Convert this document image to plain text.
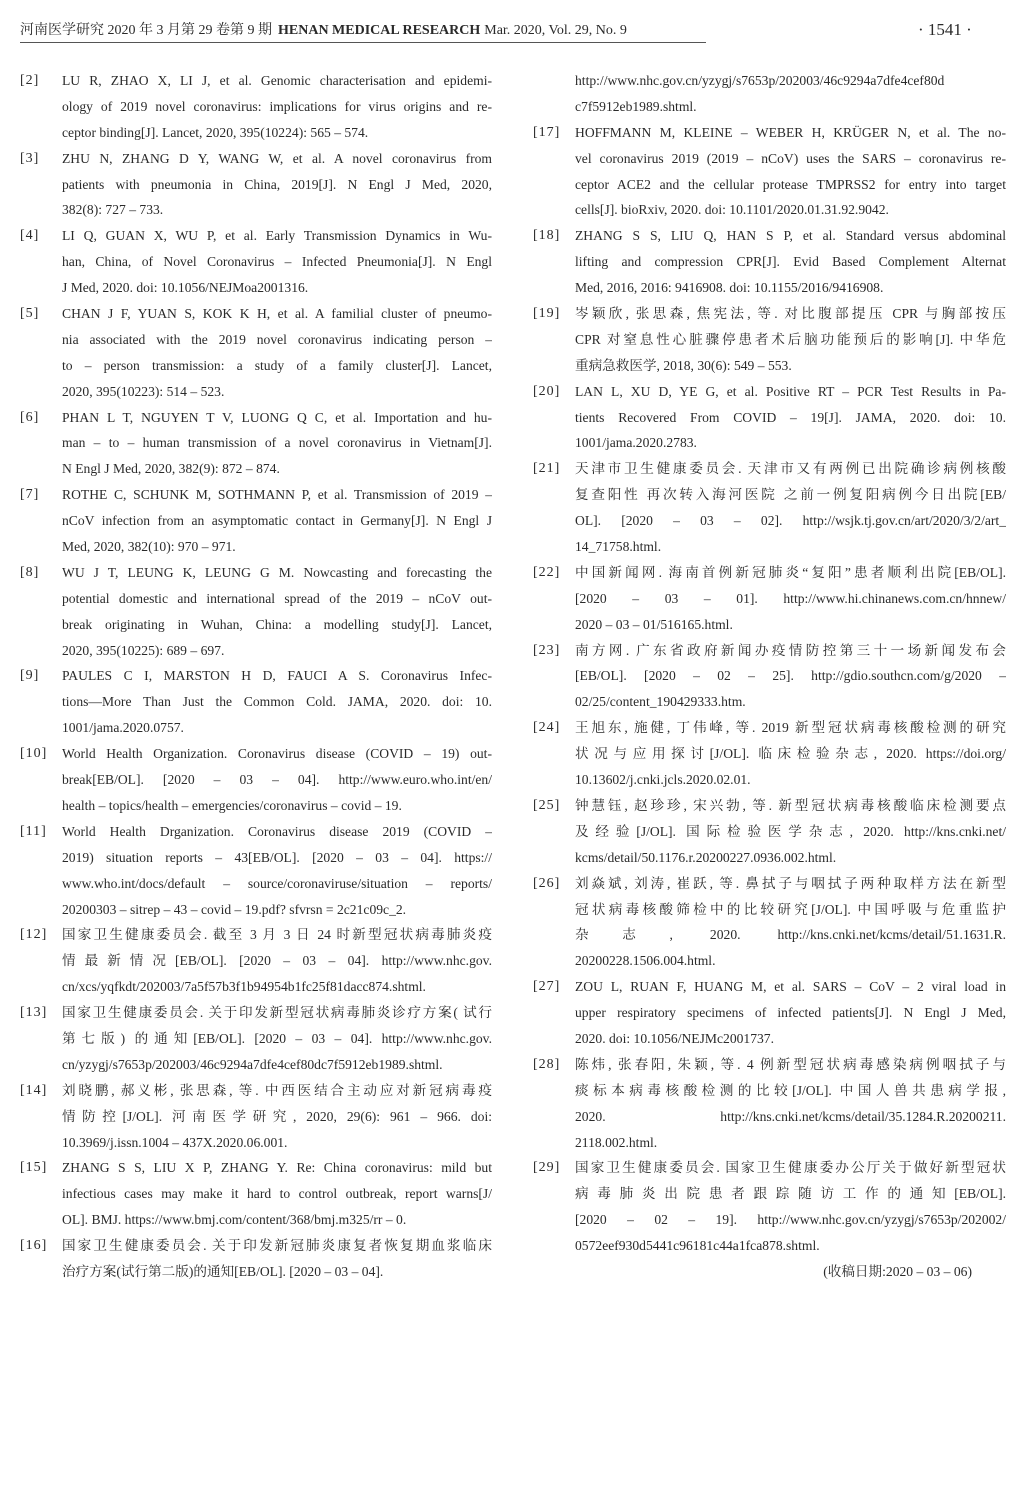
河南医学研究 2020 年 3 月第 29 卷第 9 期 HENAN MEDICAL RESEARCH Mar. 2020, Vol. 29, No. 9	· 1541 ·
[2] LU R, ZHAO X, LI J, et al. Genomic characterisation and epidemi-
ology of 2019 novel coronavirus: implications for virus origins and re-
ceptor binding[J]. Lancet, 2020, 395(10224): 565 – 574.
[3] ZHU N, ZHANG D Y, WANG W, et al. A novel coronavirus from
patients with pneumonia in China, 2019[J]. N Engl J Med, 2020,
382(8): 727 – 733.
[4] LI Q, GUAN X, WU P, et al. Early Transmission Dynamics in Wu-
han, China, of Novel Coronavirus – Infected Pneumonia[J]. N Engl
J Med, 2020. doi: 10.1056/NEJMoa2001316.
[5] CHAN J F, YUAN S, KOK K H, et al. A familial cluster of pneumo-
nia associated with the 2019 novel coronavirus indicating person –
to – person transmission: a study of a family cluster[J]. Lancet,
2020, 395(10223): 514 – 523.
[6] PHAN L T, NGUYEN T V, LUONG Q C, et al. Importation and hu-
man – to – human transmission of a novel coronavirus in Vietnam[J].
N Engl J Med, 2020, 382(9): 872 – 874.
[7] ROTHE C, SCHUNK M, SOTHMANN P, et al. Transmission of 2019 –
nCoV infection from an asymptomatic contact in Germany[J]. N Engl J
Med, 2020, 382(10): 970 – 971.
[8] WU J T, LEUNG K, LEUNG G M. Nowcasting and forecasting the
potential domestic and international spread of the 2019 – nCoV out-
break originating in Wuhan, China: a modelling study[J]. Lancet,
2020, 395(10225): 689 – 697.
[9] PAULES C I, MARSTON H D, FAUCI A S. Coronavirus Infec-
tions—More Than Just the Common Cold. JAMA, 2020. doi: 10.
1001/jama.2020.0757.
[10] World Health Organization. Coronavirus disease (COVID – 19) out-
break[EB/OL]. [2020 – 03 – 04]. http://www.euro.who.int/en/
health – topics/health – emergencies/coronavirus – covid – 19.
[11] World Health Drganization. Coronavirus disease 2019 (COVID –
2019) situation reports – 43[EB/OL]. [2020 – 03 – 04]. https://
www.who.int/docs/default – source/coronaviruse/situation – reports/
20200303 – sitrep – 43 – covid – 19.pdf? sfvrsn = 2c21c09c_2.
[12] 国家卫生健康委员会. 截至 3 月 3 日 24 时新型冠状病毒肺炎疫
情最新情况[EB/OL]. [2020 – 03 – 04]. http://www.nhc.gov.
cn/xcs/yqfkdt/202003/7a5f57b3f1b94954b1fc25f81dacc874.shtml.
[13] 国家卫生健康委员会. 关于印发新型冠状病毒肺炎诊疗方案( 试行
第七版) 的通知[EB/OL]. [2020 – 03 – 04]. http://www.nhc.gov.
cn/yzygj/s7653p/202003/46c9294a7dfe4cef80dc7f5912eb1989.shtml.
[14] 刘晓鹏, 郝义彬, 张思森, 等. 中西医结合主动应对新冠病毒疫
情防控[J/OL]. 河南医学研究, 2020, 29(6): 961 – 966. doi:
10.3969/j.issn.1004 – 437X.2020.06.001.
[15] ZHANG S S, LIU X P, ZHANG Y. Re: China coronavirus: mild but
infectious cases may make it hard to control outbreak, report warns[J/
OL]. BMJ. https://www.bmj.com/content/368/bmj.m325/rr – 0.
[16] 国家卫生健康委员会. 关于印发新冠肺炎康复者恢复期血浆临床
治疗方案(试行第二版)的通知[EB/OL]. [2020 – 03 – 04].
http://www.nhc.gov.cn/yzygj/s7653p/202003/46c9294a7dfe4cef80d
c7f5912eb1989.shtml.
[17] HOFFMANN M, KLEINE – WEBER H, KRÜGER N, et al. The no-
vel coronavirus 2019 (2019 – nCoV) uses the SARS – coronavirus re-
ceptor ACE2 and the cellular protease TMPRSS2 for entry into target
cells[J]. bioRxiv, 2020. doi: 10.1101/2020.01.31.92.9042.
[18] ZHANG S S, LIU Q, HAN S P, et al. Standard versus abdominal
lifting and compression CPR[J]. Evid Based Complement Alternat
Med, 2016, 2016: 9416908. doi: 10.1155/2016/9416908.
[19] 岑颖欣, 张思森, 焦宪法, 等. 对比腹部提压 CPR 与胸部按压
CPR 对窒息性心脏骤停患者术后脑功能预后的影响[J]. 中华危
重病急救医学, 2018, 30(6): 549 – 553.
[20] LAN L, XU D, YE G, et al. Positive RT – PCR Test Results in Pa-
tients Recovered From COVID – 19[J]. JAMA, 2020. doi: 10.
1001/jama.2020.2783.
[21] 天津市卫生健康委员会. 天津市又有两例已出院确诊病例核酸
复查阳性 再次转入海河医院 之前一例复阳病例今日出院[EB/
OL]. [2020 – 03 – 02]. http://wsjk.tj.gov.cn/art/2020/3/2/art_
14_71758.html.
[22] 中国新闻网. 海南首例新冠肺炎“复阳”患者顺利出院[EB/OL].
[2020 – 03 – 01]. http://www.hi.chinanews.com.cn/hnnew/
2020 – 03 – 01/516165.html.
[23] 南方网. 广东省政府新闻办疫情防控第三十一场新闻发布会
[EB/OL]. [2020 – 02 – 25]. http://gdio.southcn.com/g/2020 –
02/25/content_190429333.htm.
[24] 王旭东, 施健, 丁伟峰, 等. 2019 新型冠状病毒核酸检测的研究
状况与应用探讨[J/OL]. 临床检验杂志, 2020. https://doi.org/
10.13602/j.cnki.jcls.2020.02.01.
[25] 钟慧钰, 赵珍珍, 宋兴勃, 等. 新型冠状病毒核酸临床检测要点
及经验[J/OL]. 国际检验医学杂志, 2020. http://kns.cnki.net/
kcms/detail/50.1176.r.20200227.0936.002.html.
[26] 刘焱斌, 刘涛, 崔跃, 等. 鼻拭子与咽拭子两种取样方法在新型
冠状病毒核酸筛检中的比较研究[J/OL]. 中国呼吸与危重监护
杂志, 2020. http://kns.cnki.net/kcms/detail/51.1631.R.
20200228.1506.004.html.
[27] ZOU L, RUAN F, HUANG M, et al. SARS – CoV – 2 viral load in
upper respiratory specimens of infected patients[J]. N Engl J Med,
2020. doi: 10.1056/NEJMc2001737.
[28] 陈炜, 张春阳, 朱颖, 等. 4 例新型冠状病毒感染病例咽拭子与
痰标本病毒核酸检测的比较[J/OL]. 中国人兽共患病学报,
2020. http://kns.cnki.net/kcms/detail/35.1284.R.20200211.
2118.002.html.
[29] 国家卫生健康委员会. 国家卫生健康委办公厅关于做好新型冠状
病毒肺炎出院患者跟踪随访工作的通知[EB/OL].
[2020 – 02 – 19]. http://www.nhc.gov.cn/yzygj/s7653p/202002/
0572eef930d5441c96181c44a1fca878.shtml.
(收稿日期:2020 – 03 – 06)
